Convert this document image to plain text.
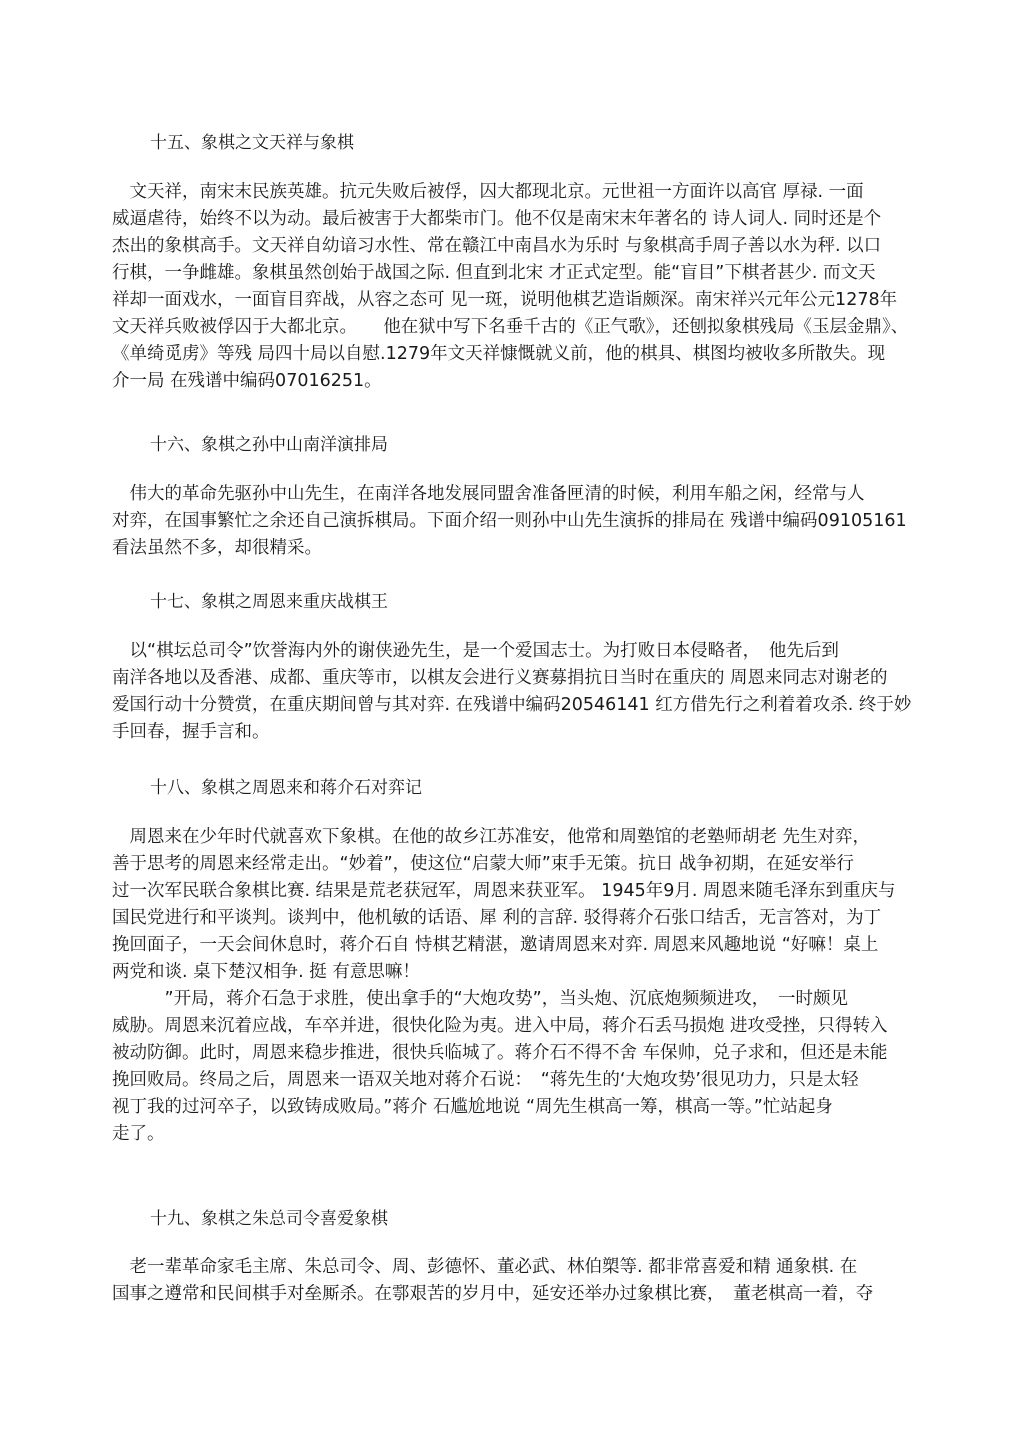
十五、象棋之文天祥与象棋
　文天祥，南宋末民族英雄。抗元失败后被俘，囚大都现北京。元世祖一方面许以高官 厚禄. 一面
威逼虐待，始终不以为动。最后被害于大都柴市门。他不仅是南宋末年著名的 诗人词人. 同时还是个
杰出的象棋高手。文天祥自幼谙习水性、常在赣江中南昌水为乐时 与象棋高手周子善以水为秤. 以口
行棋，一争雌雄。象棋虽然创始于战国之际. 但直到北宋 才正式定型。能“盲目”下棋者甚少. 而文天
祥却一面戏水，一面盲目弈战，从容之态可 见一斑，说明他棋艺造诣颇深。南宋祥兴元年公元1278年
文天祥兵败被俘囚于大都北京。　　他在狱中写下名垂千古的《正气歌》，还刨拟象棋残局《玉层金鼎》、
《单绮觅虏》等残 局四十局以自慰.1279年文天祥慷慨就义前，他的棋具、棋图均被收多所散失。现
介一局 在残谱中编码07016251。
十六、象棋之孙中山南洋演排局
　伟大的革命先驱孙中山先生，在南洋各地发展同盟舍准备匣清的时候，利用车船之闲，经常与人
对弈，在国事繁忙之余还自己演拆棋局。下面介绍一则孙中山先生演拆的排局在 残谱中编码09105161
看法虽然不多，却很精采。
十七、象棋之周恩来重庆战棋王
　以“棋坛总司令”饮誉海内外的谢侠逊先生，是一个爱国志士。为打败日本侵略者，　他先后到
南洋各地以及香港、成都、重庆等市，以棋友会进行义赛募捐抗日当时在重庆的 周恩来同志对谢老的
爱国行动十分赞赏，在重庆期间曾与其对弈. 在残谱中编码20546141 红方借先行之利着着攻杀. 终于妙
手回春，握手言和。
十八、象棋之周恩来和蒋介石对弈记
　周恩来在少年时代就喜欢下象棋。在他的故乡江苏准安，他常和周塾馆的老塾师胡老 先生对弈，
善于思考的周恩来经常走出。“妙着”，使这位“启蒙大师”束手无策。抗日 战争初期，在延安举行
过一次军民联合象棋比赛. 结果是荒老获冠军，周恩来获亚军。 1945年9月. 周恩来随毛泽东到重庆与
国民党进行和平谈判。谈判中，他机敏的话语、犀 利的言辞. 驳得蒋介石张口结舌，无言答对，为丁
挽回面子，一天会间休息时，蒋介石自 恃棋艺精湛，邀请周恩来对弈. 周恩来风趣地说 “好嘛！桌上
两党和谈. 桌下楚汉相争. 挺 有意思嘛！
　　　”开局，蒋介石急于求胜，使出拿手的“大炮攻势”，当头炮、沉底炮频频进攻，　一时颇见
威胁。周恩来沉着应战，车卒并进，很快化险为夷。进入中局，蒋介石丢马损炮 进攻受挫，只得转入
被动防御。此时，周恩来稳步推进，很快兵临城了。蒋介石不得不舍 车保帅，兑子求和，但还是未能
挽回败局。终局之后，周恩来一语双关地对蒋介石说：　“蒋先生的‘大炮攻势’很见功力，只是太轻
视丁我的过河卒子，以致铸成败局。”蒋介 石尴尬地说 “周先生棋高一筹，棋高一等。”忙站起身
走了。
十九、象棋之朱总司令喜爱象棋
　老一辈革命家毛主席、朱总司令、周、彭德怀、董必武、林伯槊等. 都非常喜爱和精 通象棋. 在
国事之遵常和民间棋手对垒厮杀。在鄠艰苦的岁月中，延安还举办过象棋比赛，　董老棋高一着，夺
